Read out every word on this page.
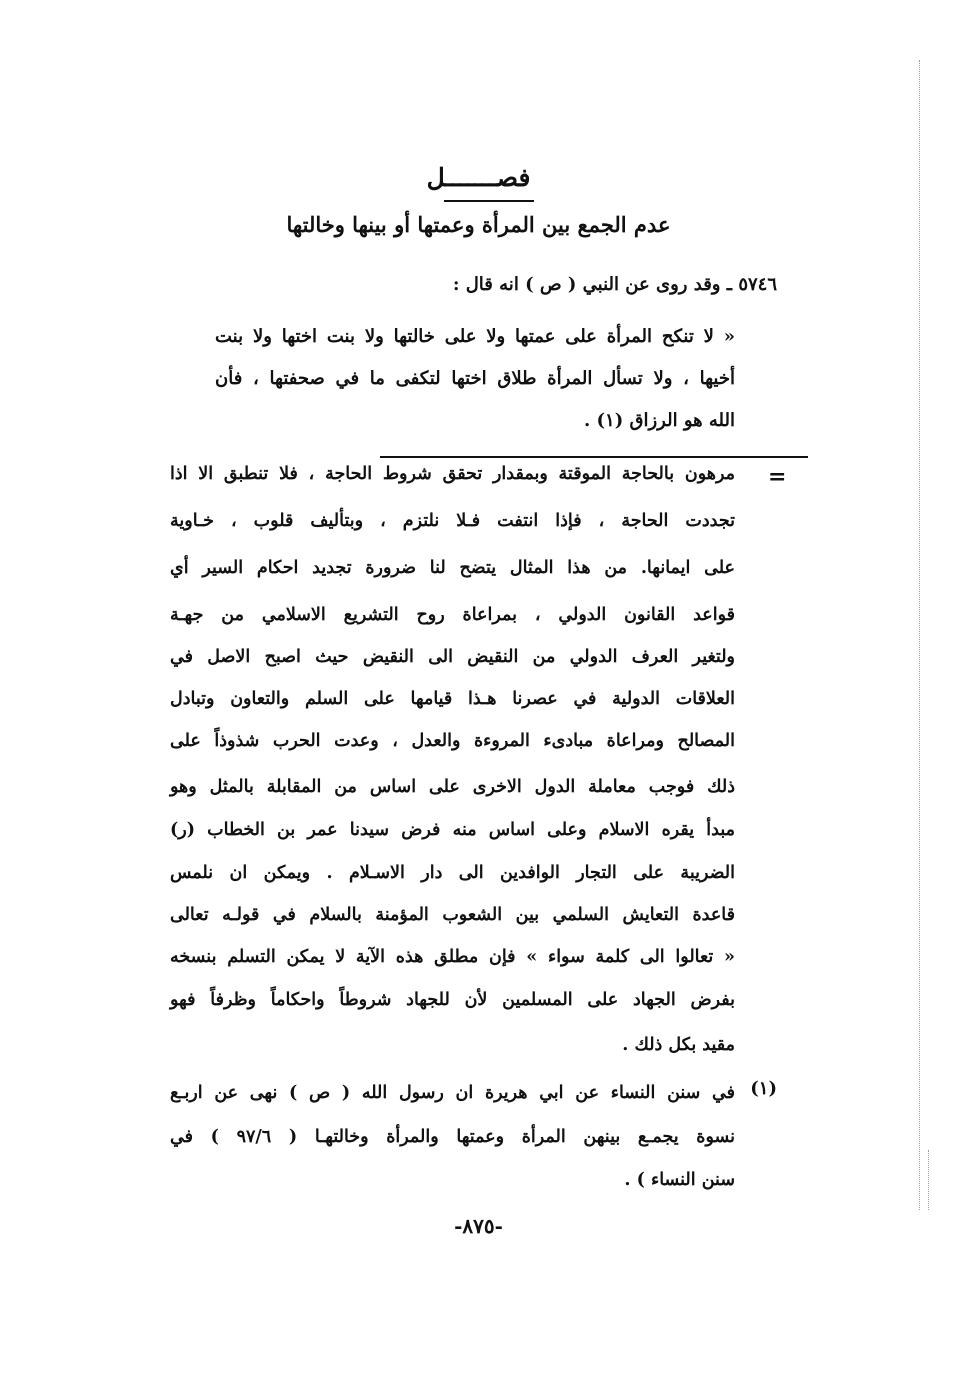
فصـــــــل
عدم الجمع بين المرأة وعمتها أو بينها وخالتها
٥٧٤٦ ـ وقد روى عن النبي ( ص ) انه قال :
« لا تنكح المرأة على عمتها ولا على خالتها ولا بنت اختها ولا بنت
أخيها ، ولا تسأل المرأة طلاق اختها لتكفى ما في صحفتها ، فأن
الله هو الرزاق (١) .
=
مرهون بالحاجة الموقتة وبمقدار تحقق شروط الحاجة ، فلا تنطبق الا اذا
تجددت الحاجة ، فإذا انتفت فـلا نلتزم ، وبتأليف قلوب ، خـاوية
على ايمانها. من هذا المثال يتضح لنا ضرورة تجديد احكام السير أي
قواعد القانون الدولي ، بمراعاة روح التشريع الاسلامي من جهـة
ولتغير العرف الدولي من النقيض الى النقيض حيث اصبح الاصل في
العلاقات الدولية في عصرنا هـذا قيامها على السلم والتعاون وتبادل
المصالح ومراعاة مبادىء المروءة والعدل ، وعدت الحرب شذوذاً على
ذلك فوجب معاملة الدول الاخرى على اساس من المقابلة بالمثل وهو
مبدأ يقره الاسلام وعلى اساس منه فرض سيدنا عمر بن الخطاب (ر)
الضريبة على التجار الوافدين الى دار الاسـلام . ويمكن ان نلمس
قاعدة التعايش السلمي بين الشعوب المؤمنة بالسلام في قولـه تعالى
« تعالوا الى كلمة سواء » فإن مطلق هذه الآية لا يمكن التسلم بنسخه
بفرض الجهاد على المسلمين لأن للجهاد شروطاً واحكاماً وظرفاً فهو
مقيد بكل ذلك .
(١)
في سنن النساء عن ابي هريرة ان رسول الله ( ص ) نهى عن اربـع
نسوة يجمـع بينهن المرأة وعمتها والمرأة وخالتهـا ( ٩٧/٦ ) في
سنن النساء ) .
-٨٧٥-
